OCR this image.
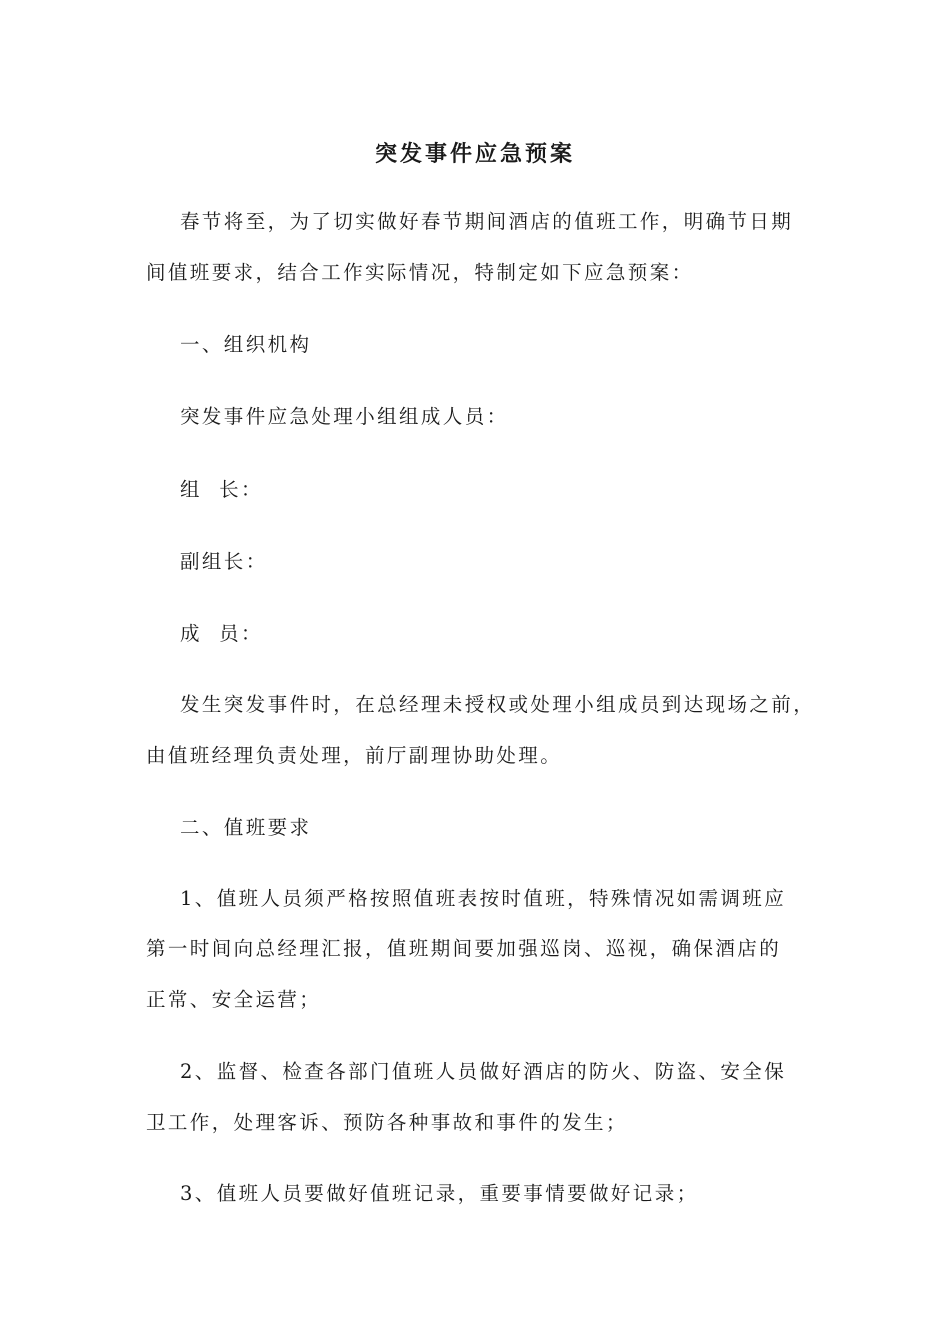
突发事件应急预案
春节将至，为了切实做好春节期间酒店的值班工作，明确节日期
间值班要求，结合工作实际情况，特制定如下应急预案：
一、组织机构
突发事件应急处理小组组成人员：
组  长：
副组长：
成  员：
发生突发事件时，在总经理未授权或处理小组成员到达现场之前，
由值班经理负责处理，前厅副理协助处理。
二、值班要求
1、值班人员须严格按照值班表按时值班，特殊情况如需调班应
第一时间向总经理汇报，值班期间要加强巡岗、巡视，确保酒店的
正常、安全运营；
2、监督、检查各部门值班人员做好酒店的防火、防盗、安全保
卫工作，处理客诉、预防各种事故和事件的发生；
3、值班人员要做好值班记录，重要事情要做好记录；
